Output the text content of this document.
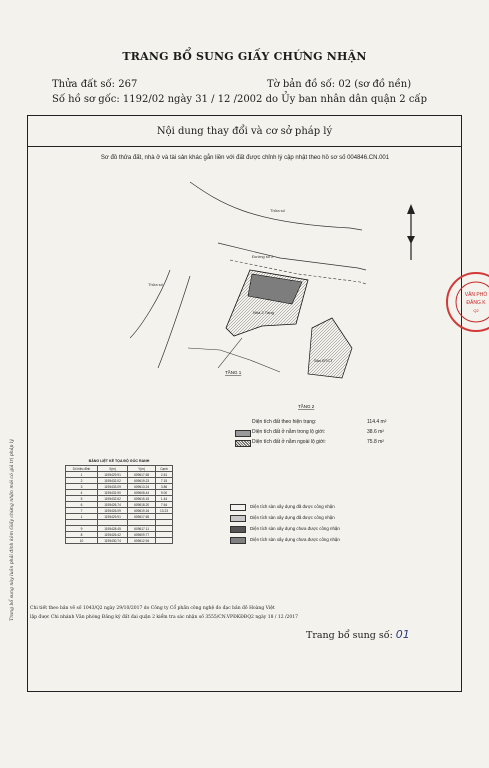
TRANG BỔ SUNG GIẤY CHỨNG NHẬN
Thửa đất số: 267	Tờ bản đồ số: 02 (sơ đồ nền)
Số hồ sơ gốc: 1192/02 ngày 31 / 12 /2002 do Ủy ban nhân dân quận 2 cấp
Nội dung thay đổi và cơ sở pháp lý
Sơ đồ thửa đất, nhà ở và tài sản khác gắn liền với đất được chỉnh lý cập nhật theo hồ sơ số 004846.CN.001
Trang bổ sung này luôn phải đính kèm Giấy chứng nhận mới có giá trị pháp lý
VĂN PHÒ
ĐĂNG K
Q2
Nhà 2 Tầng
Sàn BTCT
TẦNG 1
TẦNG 2
Thửa số
Thửa số
Đường số 2
Diện tích đất theo hiện trạng:	114.4 m²
Diện tích đất ở nằm trong lộ giới:	38.6 m²
Diện tích đất ở nằm ngoài lộ giới:	75.8 m²
BẢNG LIỆT KÊ TỌA ĐỘ GÓC RANH
Số hiệu đỉnh	X(m)	Y(m)	Cạnh
1	1195429.91	609617.65	2.61
2	1195432.02	609619.23	7.15
3	1195433.09	609613.24	3.86
4	1195432.90	609608.44	9.00
5	1195432.62	609615.15	1.44
6	1195426.74	609618.20	7.64
7	1195426.09	609619.16	13.23
1	1195429.91	609617.65	

9	1195428.45	609617.11	
8	1195426.42	609609.77	
10	1195430.74	609612.94	
Diện tích sàn xây dựng đã được công nhận
Diện tích sàn xây dựng đã được công nhận
Diện tích sàn xây dựng chưa được công nhận
Diện tích sàn xây dựng chưa được công nhận
Chi tiết theo bản vẽ số 1043/Q2 ngày 29/10/2017 do Công ty Cổ phần công nghệ đo đạc bản đồ Hoàng Việt
lập được Chi nhánh Văn phòng Đăng ký đất đai quận 2 kiểm tra sác nhận số 3555/CN.VPĐKĐĐQ2 ngày 18 / 12 /2017
Trang bổ sung số: 01
